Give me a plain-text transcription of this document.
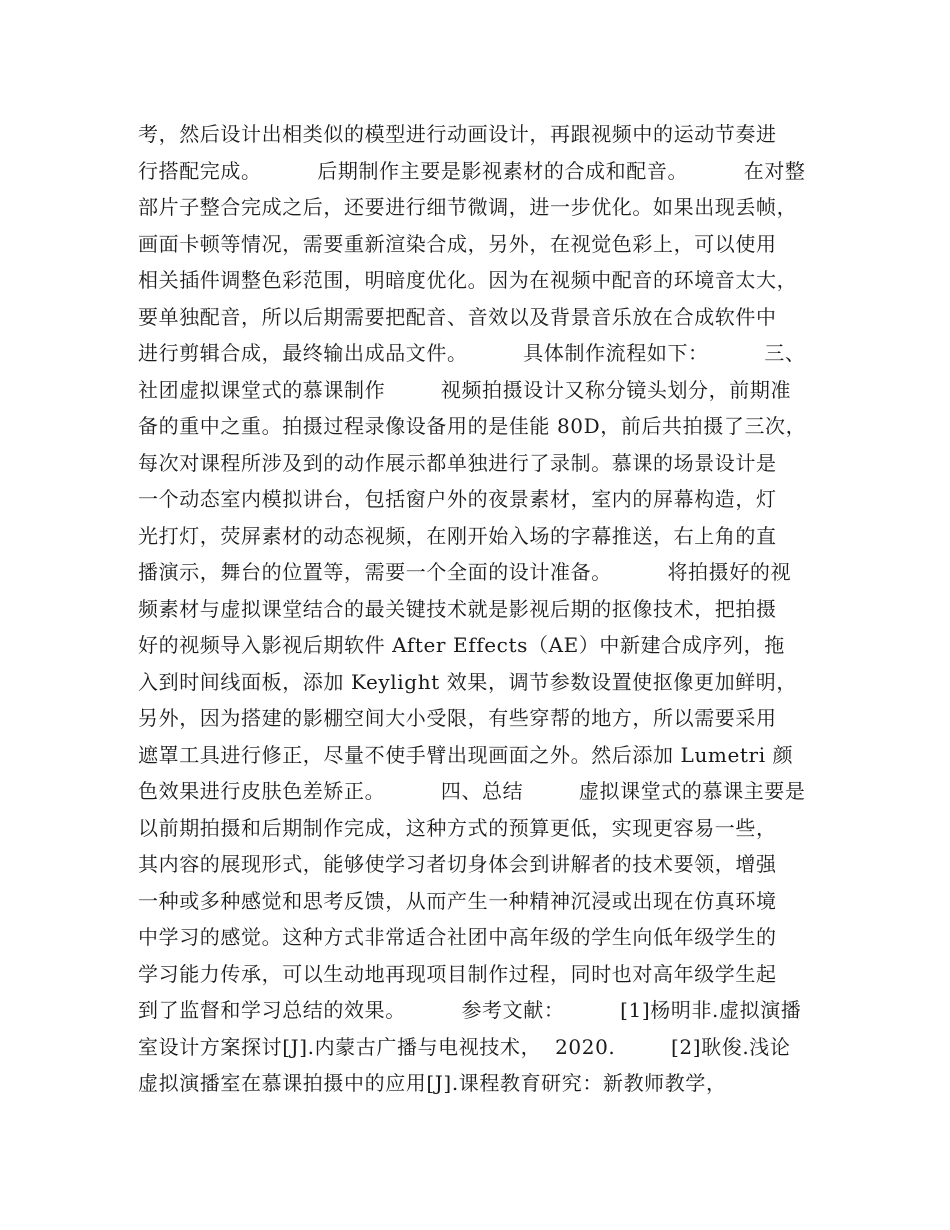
考，然后设计出相类似的模型进行动画设计，再跟视频中的运动节奏进
行搭配完成。        后期制作主要是影视素材的合成和配音。        在对整
部片子整合完成之后，还要进行细节微调，进一步优化。如果出现丢帧，
画面卡顿等情况，需要重新渲染合成，另外，在视觉色彩上，可以使用
相关插件调整色彩范围，明暗度优化。因为在视频中配音的环境音太大，
要单独配音，所以后期需要把配音、音效以及背景音乐放在合成软件中
进行剪辑合成，最终输出成品文件。        具体制作流程如下：        三、
社团虚拟课堂式的慕课制作        视频拍摄设计又称分镜头划分，前期准
备的重中之重。拍摄过程录像设备用的是佳能 80D，前后共拍摄了三次，
每次对课程所涉及到的动作展示都单独进行了录制。慕课的场景设计是
一个动态室内模拟讲台，包括窗户外的夜景素材，室内的屏幕构造，灯
光打灯，荧屏素材的动态视频，在刚开始入场的字幕推送，右上角的直
播演示，舞台的位置等，需要一个全面的设计准备。        将拍摄好的视
频素材与虚拟课堂结合的最关键技术就是影视后期的抠像技术，把拍摄
好的视频导入影视后期软件 After Effects（AE）中新建合成序列，拖
入到时间线面板，添加 Keylight 效果，调节参数设置使抠像更加鲜明，
另外，因为搭建的影棚空间大小受限，有些穿帮的地方，所以需要采用
遮罩工具进行修正，尽量不使手臂出现画面之外。然后添加 Lumetri 颜
色效果进行皮肤色差矫正。        四、总结        虚拟课堂式的慕课主要是
以前期拍摄和后期制作完成，这种方式的预算更低，实现更容易一些，
其内容的展现形式，能够使学习者切身体会到讲解者的技术要领，增强
一种或多种感觉和思考反馈，从而产生一种精神沉浸或出现在仿真环境
中学习的感觉。这种方式非常适合社团中高年级的学生向低年级学生的
学习能力传承，可以生动地再现项目制作过程，同时也对高年级学生起
到了监督和学习总结的效果。        参考文献：        [1]杨明非.虚拟演播
室设计方案探讨[J].内蒙古广播与电视技术，  2020.        [2]耿俊.浅论
虚拟演播室在慕课拍摄中的应用[J].课程教育研究：新教师教学，
